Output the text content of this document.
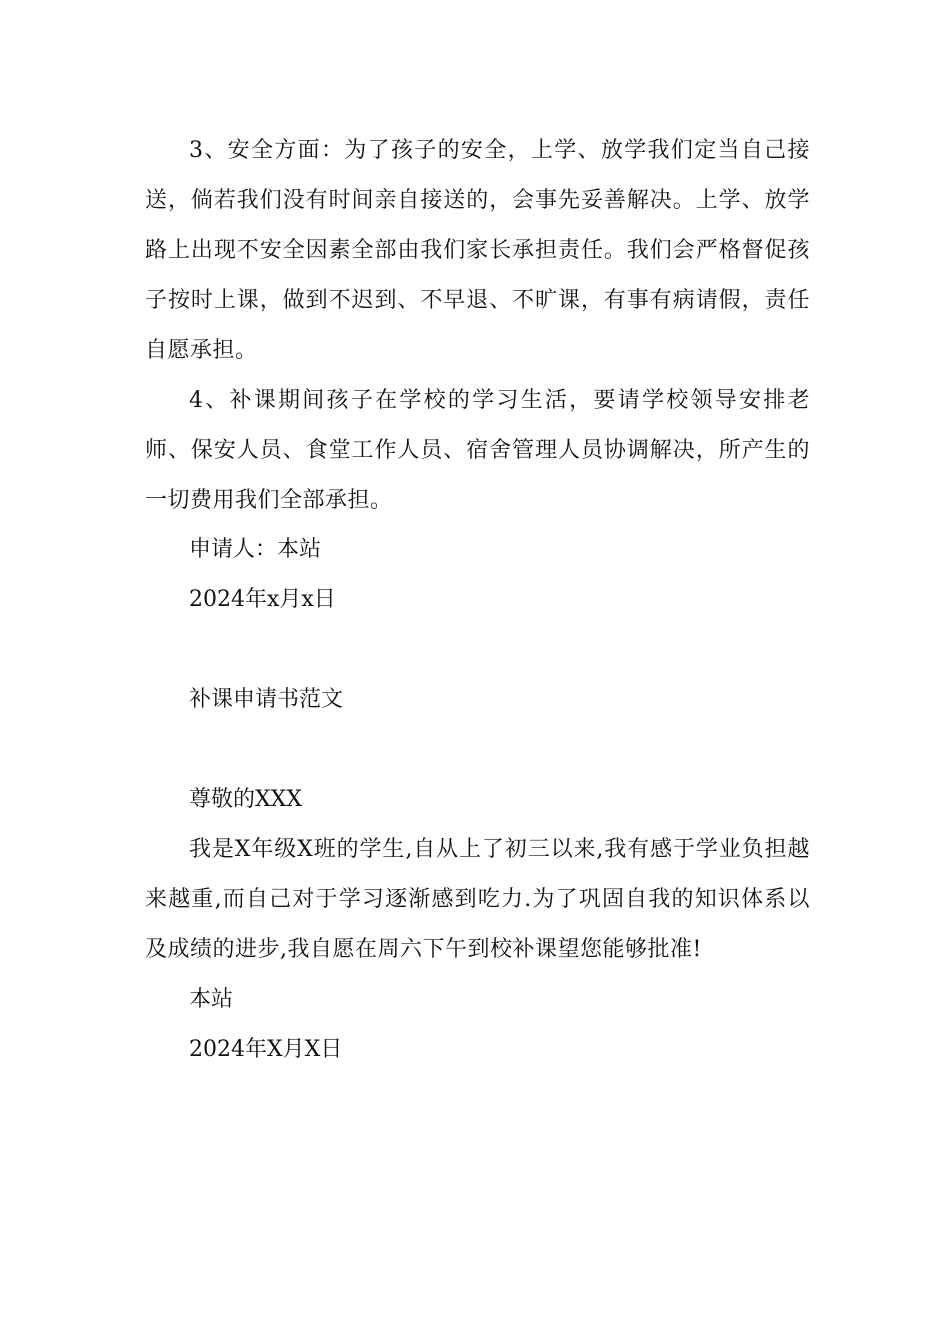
3、安全方面：为了孩子的安全，上学、放学我们定当自己接送，倘若我们没有时间亲自接送的，会事先妥善解决。上学、放学路上出现不安全因素全部由我们家长承担责任。我们会严格督促孩子按时上课，做到不迟到、不早退、不旷课，有事有病请假，责任自愿承担。

4、补课期间孩子在学校的学习生活，要请学校领导安排老师、保安人员、食堂工作人员、宿舍管理人员协调解决，所产生的一切费用我们全部承担。

申请人：本站

2024年x月x日

补课申请书范文

尊敬的XXX

我是X年级X班的学生,自从上了初三以来,我有感于学业负担越来越重,而自己对于学习逐渐感到吃力.为了巩固自我的知识体系以及成绩的进步,我自愿在周六下午到校补课望您能够批准!

本站

2024年X月X日
